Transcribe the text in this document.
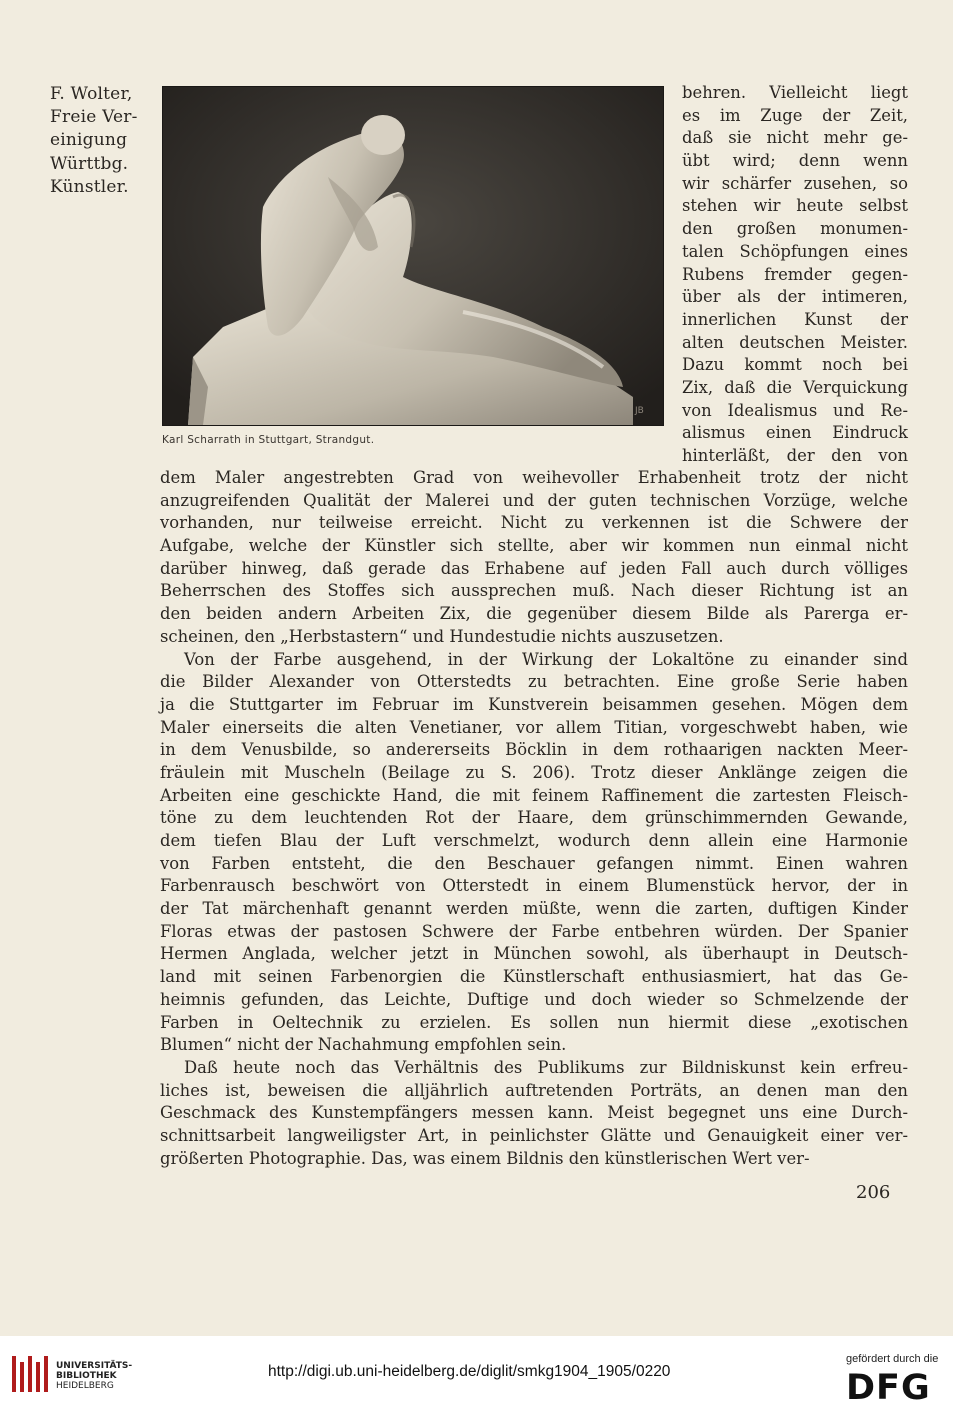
F. Wolter,
Freie Ver-
einigung
Württbg.
Künstler.
JB
Karl Scharrath in Stuttgart, Strandgut.
behren. Vielleicht liegt
es im Zuge der Zeit,
daß sie nicht mehr ge-
übt wird; denn wenn
wir schärfer zusehen, so
stehen wir heute selbst
den großen monumen-
talen Schöpfungen eines
Rubens fremder gegen-
über als der intimeren,
innerlichen Kunst der
alten deutschen Meister.
Dazu kommt noch bei
Zix, daß die Verquickung
von Idealismus und Re-
alismus einen Eindruck
hinterläßt, der den von
dem Maler angestrebten Grad von weihevoller Erhabenheit trotz der nicht
anzugreifenden Qualität der Malerei und der guten technischen Vorzüge, welche
vorhanden, nur teilweise erreicht. Nicht zu verkennen ist die Schwere der
Aufgabe, welche der Künstler sich stellte, aber wir kommen nun einmal nicht
darüber hinweg, daß gerade das Erhabene auf jeden Fall auch durch völliges
Beherrschen des Stoffes sich aussprechen muß. Nach dieser Richtung ist an
den beiden andern Arbeiten Zix, die gegenüber diesem Bilde als Parerga er-
scheinen, den „Herbstastern“ und Hundestudie nichts auszusetzen.
Von der Farbe ausgehend, in der Wirkung der Lokaltöne zu einander sind
die Bilder Alexander von Otterstedts zu betrachten. Eine große Serie haben
ja die Stuttgarter im Februar im Kunstverein beisammen gesehen. Mögen dem
Maler einerseits die alten Venetianer, vor allem Titian, vorgeschwebt haben, wie
in dem Venusbilde, so andererseits Böcklin in dem rothaarigen nackten Meer-
fräulein mit Muscheln (Beilage zu S. 206). Trotz dieser Anklänge zeigen die
Arbeiten eine geschickte Hand, die mit feinem Raffinement die zartesten Fleisch-
töne zu dem leuchtenden Rot der Haare, dem grünschimmernden Gewande,
dem tiefen Blau der Luft verschmelzt, wodurch denn allein eine Harmonie
von Farben entsteht, die den Beschauer gefangen nimmt. Einen wahren
Farbenrausch beschwört von Otterstedt in einem Blumenstück hervor, der in
der Tat märchenhaft genannt werden müßte, wenn die zarten, duftigen Kinder
Floras etwas der pastosen Schwere der Farbe entbehren würden. Der Spanier
Hermen Anglada, welcher jetzt in München sowohl, als überhaupt in Deutsch-
land mit seinen Farbenorgien die Künstlerschaft enthusiasmiert, hat das Ge-
heimnis gefunden, das Leichte, Duftige und doch wieder so Schmelzende der
Farben in Oeltechnik zu erzielen. Es sollen nun hiermit diese „exotischen
Blumen“ nicht der Nachahmung empfohlen sein.
Daß heute noch das Verhältnis des Publikums zur Bildniskunst kein erfreu-
liches ist, beweisen die alljährlich auftretenden Porträts, an denen man den
Geschmack des Kunstempfängers messen kann. Meist begegnet uns eine Durch-
schnittsarbeit langweiligster Art, in peinlichster Glätte und Genauigkeit einer ver-
größerten Photographie. Das, was einem Bildnis den künstlerischen Wert ver-
206
UNIVERSITÄTS-
BIBLIOTHEK
HEIDELBERG
http://digi.ub.uni-heidelberg.de/diglit/smkg1904_1905/0220
gefördert durch die
DFG
